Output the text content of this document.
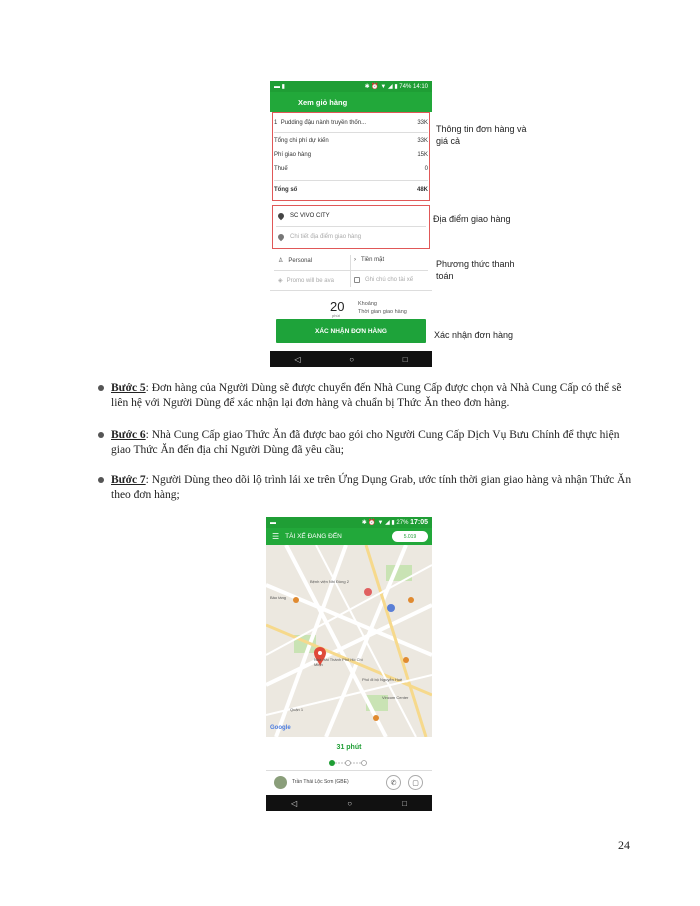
▬ ▮	✱ ⏰ ▼ ◢ ▮ 74% 14:10
Xem giỏ hàng
1 Pudding đậu nành truyền thốn...	33K
Tổng chi phí dự kiến	33K
Phí giao hàng	15K
Thuế	0
Tổng số	48K
SC VIVO CITY
Chi tiết địa điểm giao hàng
♙ Personal	› Tiền mặt
◈ Promo will be ava	Ghi chú cho tài xế
20
phút
Khoảng
Thời gian giao hàng
XÁC NHẬN ĐƠN HÀNG
◁	○	□
Thông tin đơn hàng và giá cả
Địa điểm giao hàng
Phương thức thanh toán
Xác nhận đơn hàng
Bước 5: Đơn hàng của Người Dùng sẽ được chuyển đến Nhà Cung Cấp được chọn và Nhà Cung Cấp có thể sẽ liên hệ với Người Dùng để xác nhận lại đơn hàng và chuẩn bị Thức Ăn theo đơn hàng.
Bước 6: Nhà Cung Cấp giao Thức Ăn đã được bao gói cho Người Cung Cấp Dịch Vụ Bưu Chính để thực hiện giao Thức Ăn đến địa chỉ Người Dùng đã yêu cầu;
Bước 7: Người Dùng theo dõi lộ trình lái xe trên Ứng Dụng Grab, ước tính thời gian giao hàng và nhận Thức Ăn theo đơn hàng;
▬	✱ ⏰ ▼ ◢ ▮ 27% 17:05
☰ TÀI XẾ ĐANG ĐẾN	5.019
Bệnh viện Nhi Đồng 2
Nhà Hát Thành Phố Hồ Chí Minh
Bảo tàng
Phố đi bộ Nguyễn Huệ
Vincom Center
Quận 1
Google
31 phút
Trần Thái Lộc Sơn (GBE)	✆	▢
◁	○	□
24
